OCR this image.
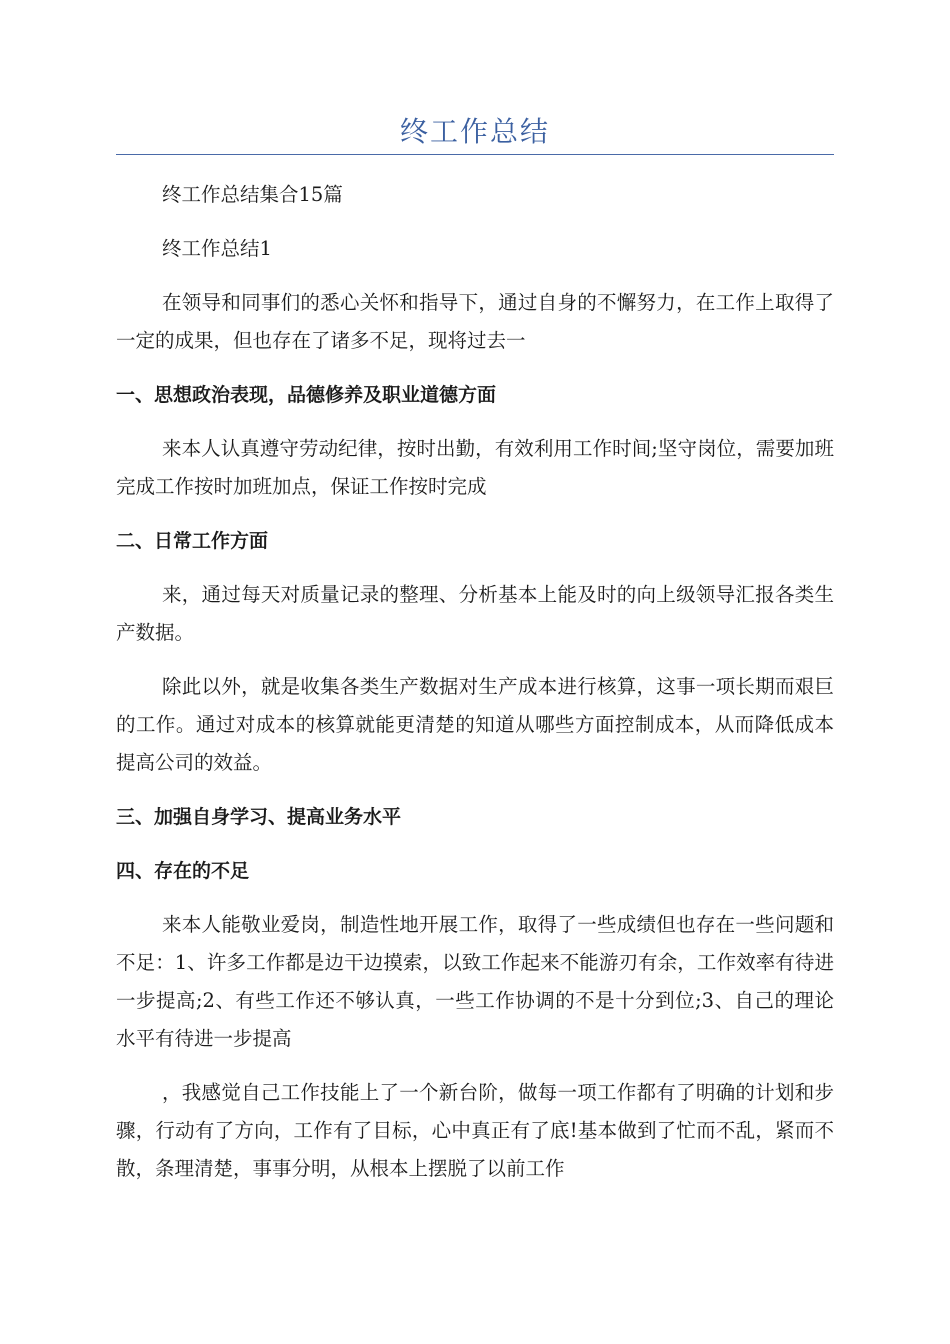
终工作总结

终工作总结集合15篇

终工作总结1

在领导和同事们的悉心关怀和指导下，通过自身的不懈努力，在工作上取得了一定的成果，但也存在了诸多不足，现将过去一

一、思想政治表现，品德修养及职业道德方面

来本人认真遵守劳动纪律，按时出勤，有效利用工作时间;坚守岗位，需要加班完成工作按时加班加点，保证工作按时完成

二、日常工作方面

来，通过每天对质量记录的整理、分析基本上能及时的向上级领导汇报各类生产数据。

除此以外，就是收集各类生产数据对生产成本进行核算，这事一项长期而艰巨的工作。通过对成本的核算就能更清楚的知道从哪些方面控制成本，从而降低成本提高公司的效益。

三、加强自身学习、提高业务水平

四、存在的不足

来本人能敬业爱岗，制造性地开展工作，取得了一些成绩但也存在一些问题和不足：1、许多工作都是边干边摸索，以致工作起来不能游刃有余，工作效率有待进一步提高;2、有些工作还不够认真，一些工作协调的不是十分到位;3、自己的理论水平有待进一步提高

，我感觉自己工作技能上了一个新台阶，做每一项工作都有了明确的计划和步骤，行动有了方向，工作有了目标，心中真正有了底!基本做到了忙而不乱，紧而不散，条理清楚，事事分明，从根本上摆脱了以前工作
